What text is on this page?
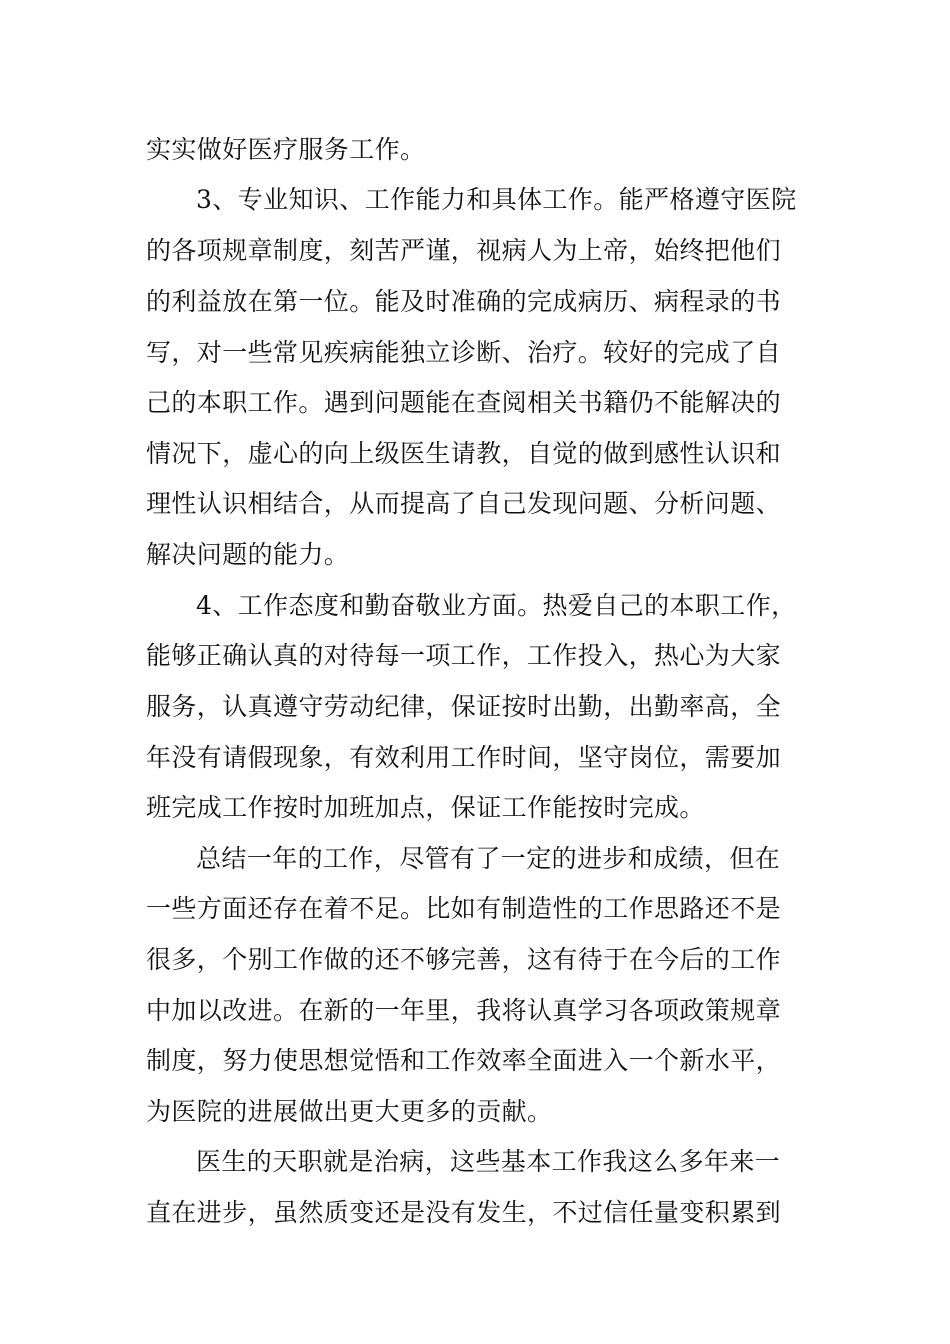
实实做好医疗服务工作。
3、专业知识、工作能力和具体工作。能严格遵守医院
的各项规章制度，刻苦严谨，视病人为上帝，始终把他们
的利益放在第一位。能及时准确的完成病历、病程录的书
写，对一些常见疾病能独立诊断、治疗。较好的完成了自
己的本职工作。遇到问题能在查阅相关书籍仍不能解决的
情况下，虚心的向上级医生请教，自觉的做到感性认识和
理性认识相结合，从而提高了自己发现问题、分析问题、
解决问题的能力。
4、工作态度和勤奋敬业方面。热爱自己的本职工作，
能够正确认真的对待每一项工作，工作投入，热心为大家
服务，认真遵守劳动纪律，保证按时出勤，出勤率高，全
年没有请假现象，有效利用工作时间，坚守岗位，需要加
班完成工作按时加班加点，保证工作能按时完成。
总结一年的工作，尽管有了一定的进步和成绩，但在
一些方面还存在着不足。比如有制造性的工作思路还不是
很多，个别工作做的还不够完善，这有待于在今后的工作
中加以改进。在新的一年里，我将认真学习各项政策规章
制度，努力使思想觉悟和工作效率全面进入一个新水平，
为医院的进展做出更大更多的贡献。
医生的天职就是治病，这些基本工作我这么多年来一
直在进步，虽然质变还是没有发生，不过信任量变积累到
